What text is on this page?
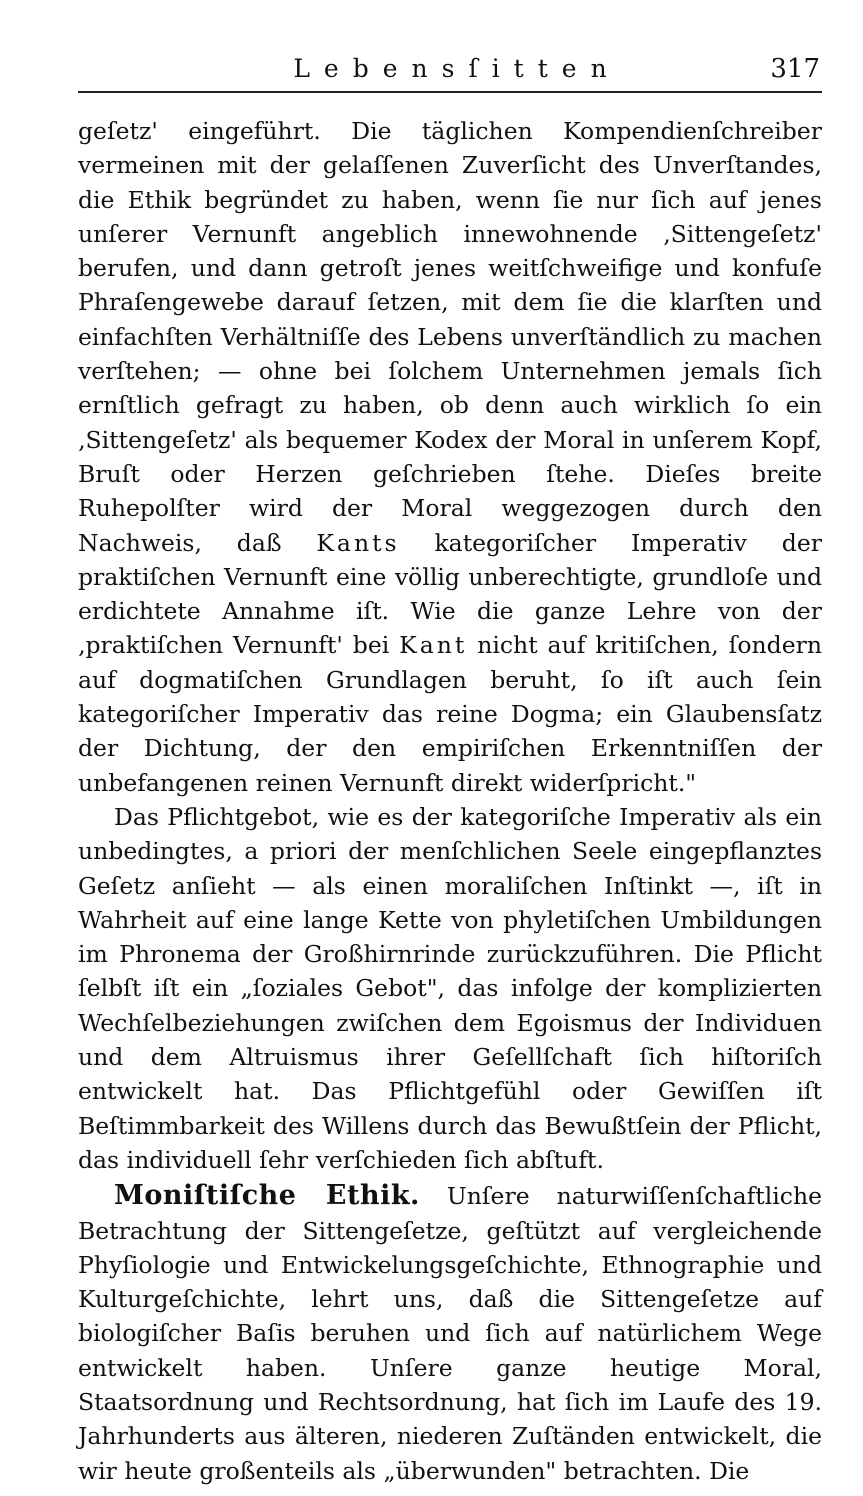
Lebensſitten	317

geſetz' eingeführt. Die täglichen Kompendienſchreiber vermeinen mit der gelaſſenen Zuverſicht des Unverſtandes, die Ethik begründet zu haben, wenn ſie nur ſich auf jenes unſerer Vernunft angeblich innewohnende ‚Sittengeſetz' berufen, und dann getroſt jenes weitſchweifige und konfuſe Phraſengewebe darauf ſetzen, mit dem ſie die klarſten und einfachſten Verhältniſſe des Lebens unverſtändlich zu machen verſtehen; — ohne bei ſolchem Unternehmen jemals ſich ernſtlich gefragt zu haben, ob denn auch wirklich ſo ein ‚Sittengeſetz' als bequemer Kodex der Moral in unſerem Kopf, Bruſt oder Herzen geſchrieben ſtehe. Dieſes breite Ruhepolſter wird der Moral weggezogen durch den Nachweis, daß Kants kategoriſcher Imperativ der praktiſchen Vernunft eine völlig unberechtigte, grundloſe und erdichtete Annahme iſt. Wie die ganze Lehre von der ‚praktiſchen Vernunft' bei Kant nicht auf kritiſchen, ſondern auf dogmatiſchen Grundlagen beruht, ſo iſt auch ſein kategoriſcher Imperativ das reine Dogma; ein Glaubensſatz der Dichtung, der den empiriſchen Erkenntniſſen der unbefangenen reinen Vernunft direkt widerſpricht."

Das Pflichtgebot, wie es der kategoriſche Imperativ als ein unbedingtes, a priori der menſchlichen Seele eingepflanztes Geſetz anſieht — als einen moraliſchen Inſtinkt —, iſt in Wahrheit auf eine lange Kette von phyletiſchen Umbildungen im Phronema der Großhirnrinde zurückzuführen. Die Pflicht ſelbſt iſt ein „ſoziales Gebot", das infolge der komplizierten Wechſelbeziehungen zwiſchen dem Egoismus der Individuen und dem Altruismus ihrer Geſellſchaft ſich hiſtoriſch entwickelt hat. Das Pflichtgefühl oder Gewiſſen iſt Beſtimmbarkeit des Willens durch das Bewußtſein der Pflicht, das individuell ſehr verſchieden ſich abſtuft.

Moniſtiſche Ethik. Unſere naturwiſſenſchaftliche Betrachtung der Sittengeſetze, geſtützt auf vergleichende Phyſiologie und Entwickelungsgeſchichte, Ethnographie und Kulturgeſchichte, lehrt uns, daß die Sittengeſetze auf biologiſcher Baſis beruhen und ſich auf natürlichem Wege entwickelt haben. Unſere ganze heutige Moral, Staatsordnung und Rechtsordnung, hat ſich im Laufe des 19. Jahrhunderts aus älteren, niederen Zuſtänden entwickelt, die wir heute großenteils als „überwunden" betrachten. Die
